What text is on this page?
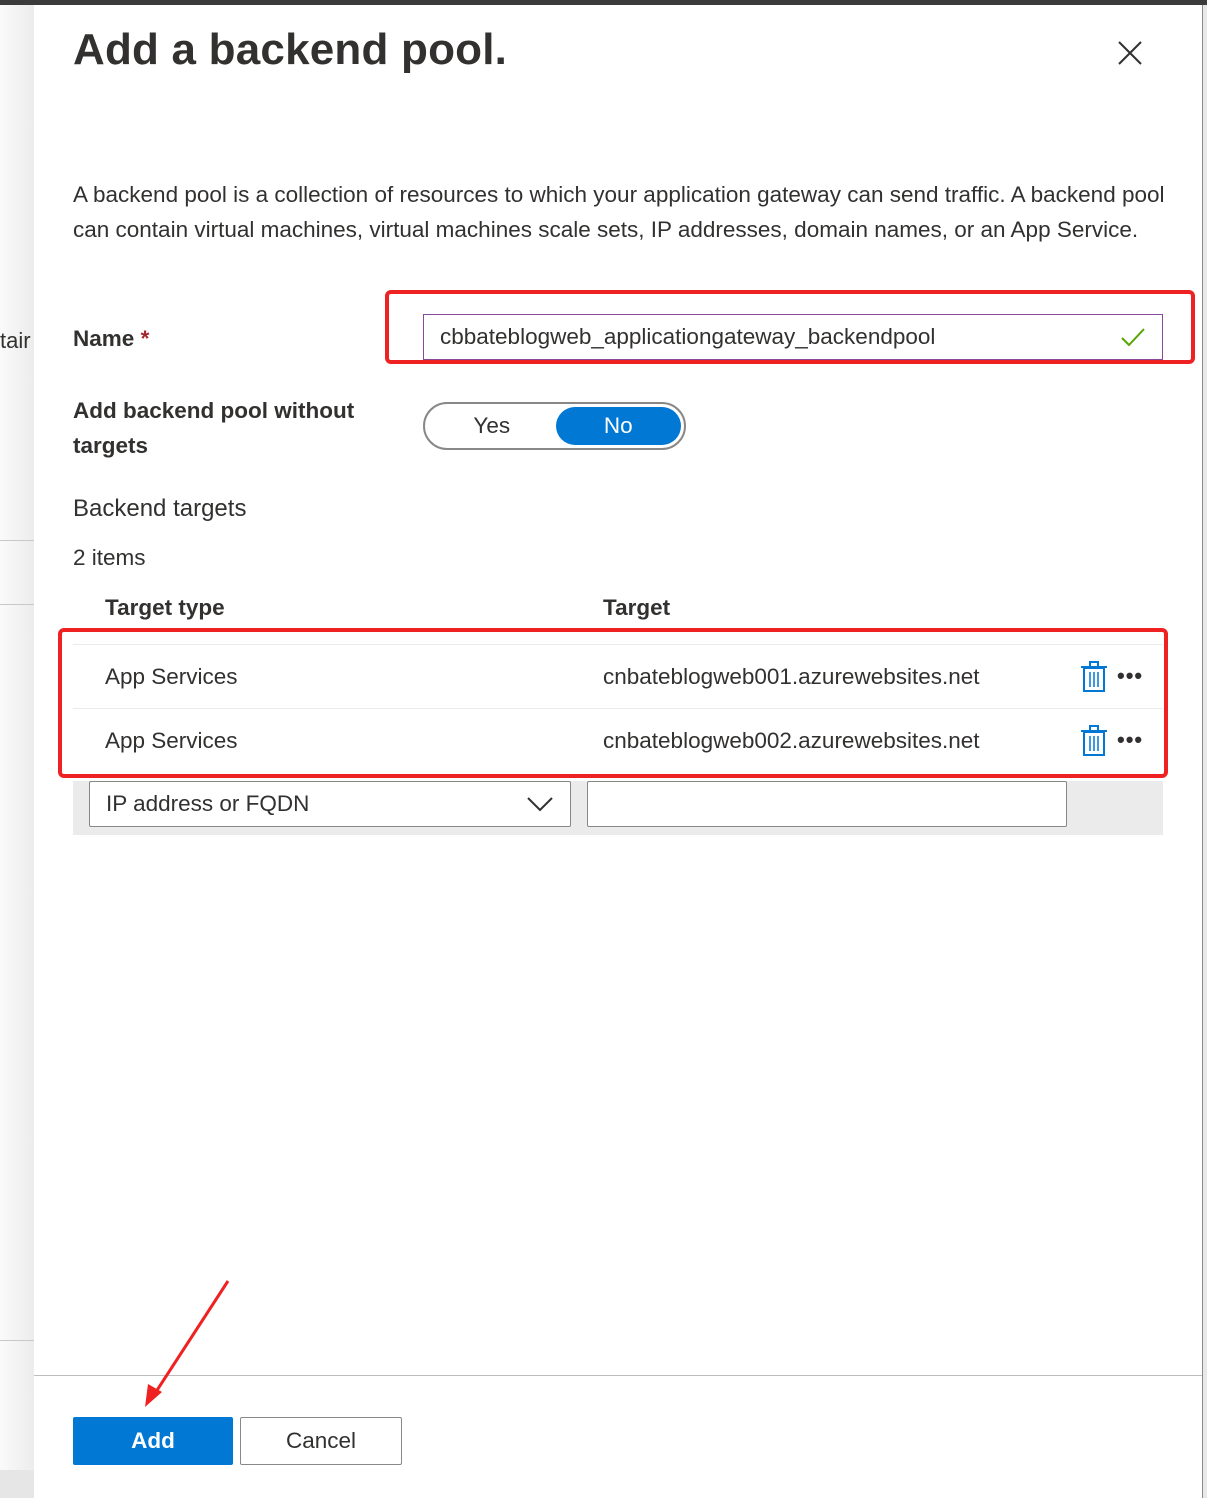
tair
Add a backend pool.
A backend pool is a collection of resources to which your application gateway can send traffic. A backend pool can contain virtual machines, virtual machines scale sets, IP addresses, domain names, or an App Service.
Name *	cbbateblogweb_applicationgateway_backendpool
Add backend pool without targets
Yes	No
Backend targets
2 items
Target type	Target
App Services	cnbateblogweb001.azurewebsites.net	•••
App Services	cnbateblogweb002.azurewebsites.net	•••
IP address or FQDN
Add	Cancel
